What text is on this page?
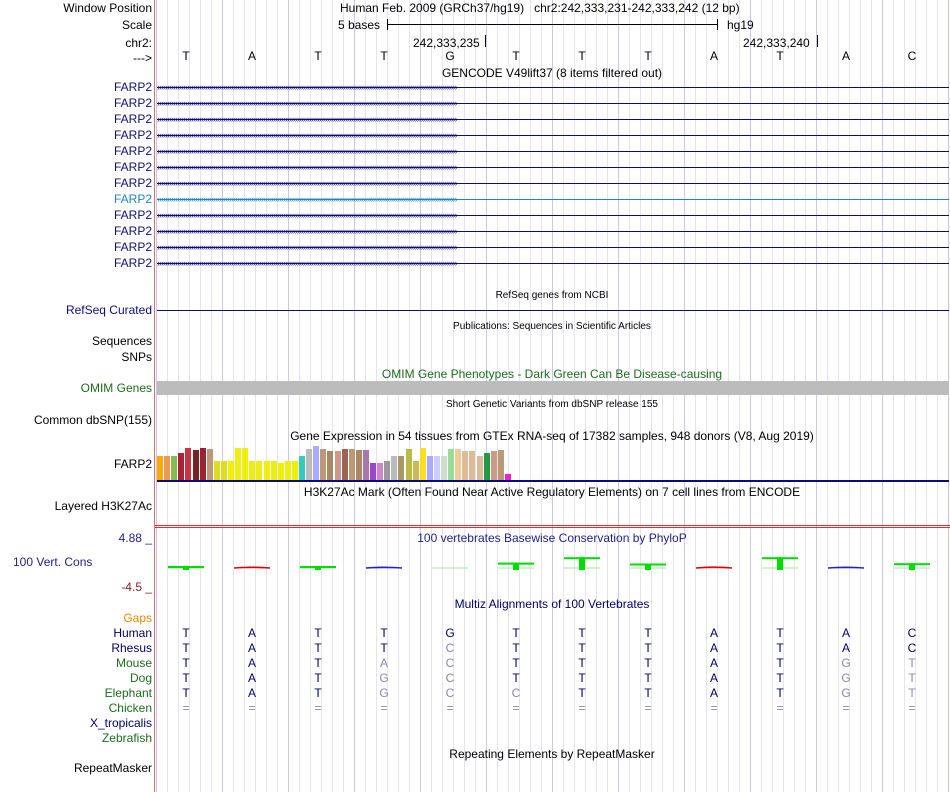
Window Position	Human Feb. 2009 (GRCh37/hg19)   chr2:242,333,231-242,333,242 (12 bp)
Scale	5 bases	hg19
chr2:	242,333,235	242,333,240
--->	T	A	T	T	G	T	T	T	A	T	A	C
GENCODE V49lift37 (8 items filtered out)
FARP2
FARP2
FARP2
FARP2
FARP2
FARP2
FARP2
FARP2
FARP2
FARP2
FARP2
FARP2
››››››››››››››››››››››››››››››››››››››››››››››››››››››››››››››››››››››››››››››››››››››››››››››››››››››››››››››››››››››››››››››››››››››››››››››››››››››
››››››››››››››››››››››››››››››››››››››››››››››››››››››››››››››››››››››››››››››››››››››››››››››››››››››››››››››››››››››››››››››››››››››››››››››››››››››
››››››››››››››››››››››››››››››››››››››››››››››››››››››››››››››››››››››››››››››››››››››››››››››››››››››››››››››››››››››››››››››››››››››››››››››››››››››
››››››››››››››››››››››››››››››››››››››››››››››››››››››››››››››››››››››››››››››››››››››››››››››››››››››››››››››››››››››››››››››››››››››››››››››››››››››
››››››››››››››››››››››››››››››››››››››››››››››››››››››››››››››››››››››››››››››››››››››››››››››››››››››››››››››››››››››››››››››››››››››››››››››››››››››
››››››››››››››››››››››››››››››››››››››››››››››››››››››››››››››››››››››››››››››››››››››››››››››››››››››››››››››››››››››››››››››››››››››››››››››››››››››
››››››››››››››››››››››››››››››››››››››››››››››››››››››››››››››››››››››››››››››››››››››››››››››››››››››››››››››››››››››››››››››››››››››››››››››››››››››
››››››››››››››››››››››››››››››››››››››››››››››››››››››››››››››››››››››››››››››››››››››››››››››››››››››››››››››››››››››››››››››››››››››››››››››››››››››
››››››››››››››››››››››››››››››››››››››››››››››››››››››››››››››››››››››››››››››››››››››››››››››››››››››››››››››››››››››››››››››››››››››››››››››››››››››
››››››››››››››››››››››››››››››››››››››››››››››››››››››››››››››››››››››››››››››››››››››››››››››››››››››››››››››››››››››››››››››››››››››››››››››››››››››
››››››››››››››››››››››››››››››››››››››››››››››››››››››››››››››››››››››››››››››››››››››››››››››››››››››››››››››››››››››››››››››››››››››››››››››››››››››
››››››››››››››››››››››››››››››››››››››››››››››››››››››››››››››››››››››››››››››››››››››››››››››››››››››››››››››››››››››››››››››››››››››››››››››››››››››
RefSeq genes from NCBI
RefSeq Curated
Publications: Sequences in Scientific Articles
Sequences
SNPs
OMIM Gene Phenotypes - Dark Green Can Be Disease-causing
OMIM Genes
Short Genetic Variants from dbSNP release 155
Common dbSNP(155)
Gene Expression in 54 tissues from GTEx RNA-seq of 17382 samples, 948 donors (V8, Aug 2019)
FARP2
H3K27Ac Mark (Often Found Near Active Regulatory Elements) on 7 cell lines from ENCODE
Layered H3K27Ac
100 vertebrates Basewise Conservation by PhyloP
4.88 _
100 Vert. Cons
-4.5 _
Multiz Alignments of 100 Vertebrates
Gaps
Human	T	A	T	T	G	T	T	T	A	T	A	C
Rhesus	T	A	T	T	C	T	T	T	A	T	A	C
Mouse	T	A	T	A	C	T	T	T	A	T	G	T
Dog	T	A	T	G	C	T	T	T	A	T	G	T
Elephant	T	A	T	G	C	C	T	T	A	T	G	T
Chicken	=	=	=	=	=	=	=	=	=	=	=	=
X_tropicalis
Zebrafish
Repeating Elements by RepeatMasker
RepeatMasker
